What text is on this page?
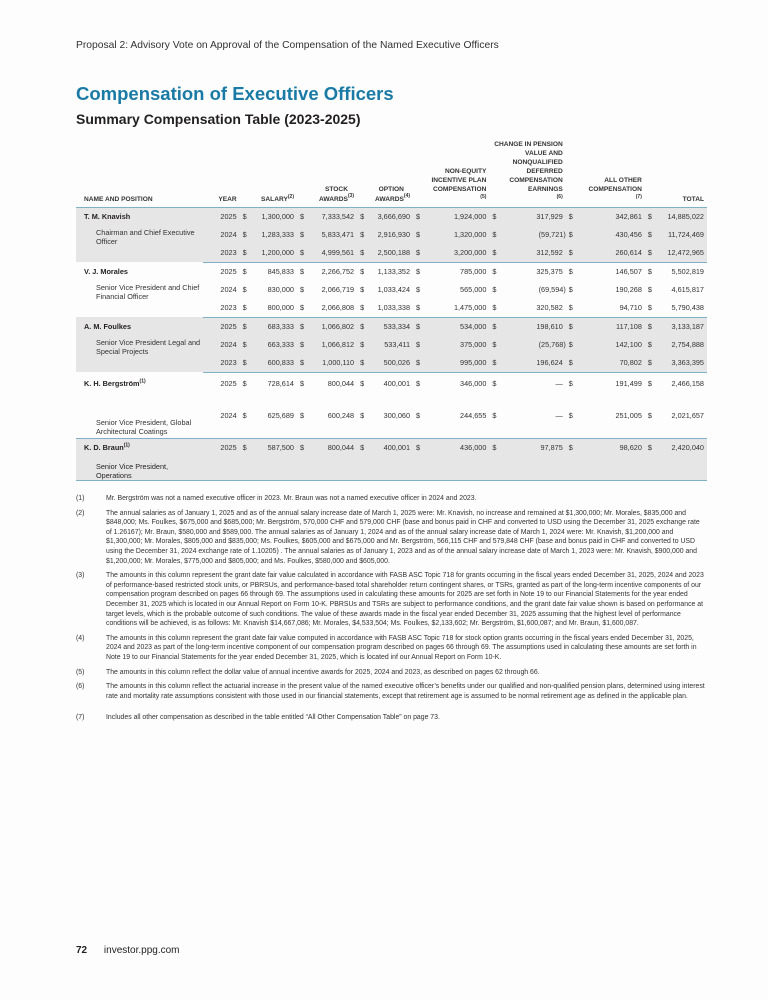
Proposal 2: Advisory Vote on Approval of the Compensation of the Named Executive Officers
Compensation of Executive Officers
Summary Compensation Table (2023-2025)
NAME AND POSITION	YEAR	SALARY$^{(2)}$	STOCK AWARDS$^{(3)}$	OPTION AWARDS$^{(4)}$	NON-EQUITY INCENTIVE PLAN COMPENSATION$^{(5)}$	CHANGE IN PENSION VALUE AND NONQUALIFIED DEFERRED COMPENSATION EARNINGS$^{(6)}$	ALL OTHER COMPENSATION$^{(7)}$	TOTAL
T. M. Knavish	2025	$ 1,300,000	$ 7,333,542	$ 3,666,690	$ 1,924,000	$ 317,929	$ 342,861	$ 14,885,022

Chairman and Chief Executive Officer	2024	$ 1,283,333	$ 5,833,471	$ 2,916,930	$ 1,320,000	$ (59,721)	$ 430,456	$ 11,724,469

	2023	$ 1,200,000	$ 4,999,561	$ 2,500,188	$ 3,200,000	$ 312,592	$ 260,614	$ 12,472,965

V. J. Morales	2025	$ 845,833	$ 2,266,752	$ 1,133,352	$ 785,000	$ 325,375	$ 146,507	$ 5,502,819

Senior Vice President and Chief Financial Officer	2024	$ 830,000	$ 2,066,719	$ 1,033,424	$ 565,000	$ (69,594)	$ 190,268	$ 4,615,817

	2023	$ 800,000	$ 2,066,808	$ 1,033,338	$ 1,475,000	$ 320,582	$ 94,710	$ 5,790,438

A. M. Foulkes	2025	$ 683,333	$ 1,066,802	$ 533,334	$ 534,000	$ 198,610	$ 117,108	$ 3,133,187

Senior Vice President Legal and Special Projects	2024	$ 663,333	$ 1,066,812	$ 533,411	$ 375,000	$ (25,768)	$ 142,100	$ 2,754,888

	2023	$ 600,833	$ 1,000,110	$ 500,026	$ 995,000	$ 196,624	$ 70,802	$ 3,363,395

K. H. Bergström$^{(1)}$	2025	$ 728,614	$ 800,044	$ 400,001	$ 346,000	$ —	$ 191,499	$ 2,466,158

Senior Vice President, Global Architectural Coatings	2024	$ 625,689	$ 600,248	$ 300,060	$ 244,655	$ —	$ 251,005	$ 2,021,657

K. D. Braun$^{(1)}$
Senior Vice President, Operations	2025	$ 587,500	$ 800,044	$ 400,001	$ 436,000	$ 97,875	$ 98,620	$ 2,420,040
(1)	Mr. Bergström was not a named executive officer in 2023. Mr. Braun was not a named executive officer in 2024 and 2023.
(2)	The annual salaries as of January 1, 2025 and as of the annual salary increase date of March 1, 2025 were: Mr. Knavish, no increase and remained at $1,300,000; Mr. Morales, $835,000 and $848,000; Ms. Foulkes, $675,000 and $685,000; Mr. Bergström, 570,000 CHF and 579,000 CHF (base and bonus paid in CHF and converted to USD using the December 31, 2025 exchange rate of 1.26167); Mr. Braun, $580,000 and $589,000. The annual salaries as of January 1, 2024 and as of the annual salary increase date of March 1, 2024 were: Mr. Knavish, $1,200,000 and $1,300,000; Mr. Morales, $805,000 and $835,000; Ms. Foulkes, $605,000 and $675,000 and Mr. Bergström, 566,115 CHF and 579,848 CHF (base and bonus paid in CHF and converted to USD using the December 31, 2024 exchange rate of 1.10205) . The annual salaries as of January 1, 2023 and as of the annual salary increase date of March 1, 2023 were: Mr. Knavish, $900,000 and $1,200,000; Mr. Morales, $775,000 and $805,000; and Ms. Foulkes, $580,000 and $605,000.
(3)	The amounts in this column represent the grant date fair value calculated in accordance with FASB ASC Topic 718 for grants occurring in the fiscal years ended December 31, 2025, 2024 and 2023 of performance-based restricted stock units, or PBRSUs, and performance-based total shareholder return contingent shares, or TSRs, granted as part of the long-term incentive components of our compensation program described on pages 66 through 69. The assumptions used in calculating these amounts for 2025 are set forth in Note 19 to our Financial Statements for the year ended December 31, 2025 which is located in our Annual Report on Form 10-K. PBRSUs and TSRs are subject to performance conditions, and the grant date fair value shown is based on performance at target levels, which is the probable outcome of such conditions. The value of these awards made in the fiscal year ended December 31, 2025 assuming that the highest level of performance conditions will be achieved, is as follows: Mr. Knavish $14,667,086; Mr. Morales, $4,533,504; Ms. Foulkes, $2,133,602; Mr. Bergström, $1,600,087; and Mr. Braun, $1,600,087.
(4)	The amounts in this column represent the grant date fair value computed in accordance with FASB ASC Topic 718 for stock option grants occurring in the fiscal years ended December 31, 2025, 2024 and 2023 as part of the long-term incentive component of our compensation program described on pages 66 through 69. The assumptions used in calculating these amounts are set forth in Note 19 to our Financial Statements for the year ended December 31, 2025, which is located inf our Annual Report on Form 10-K.
(5)	The amounts in this column reflect the dollar value of annual incentive awards for 2025, 2024 and 2023, as described on pages 62 through 66.
(6)	The amounts in this column reflect the actuarial increase in the present value of the named executive officer’s benefits under our qualified and non-qualified pension plans, determined using interest rate and mortality rate assumptions consistent with those used in our financial statements, except that retirement age is assumed to be normal retirement age as defined in the applicable plan.
(7)	Includes all other compensation as described in the table entitled “All Other Compensation Table” on page 73.
72 investor.ppg.com
